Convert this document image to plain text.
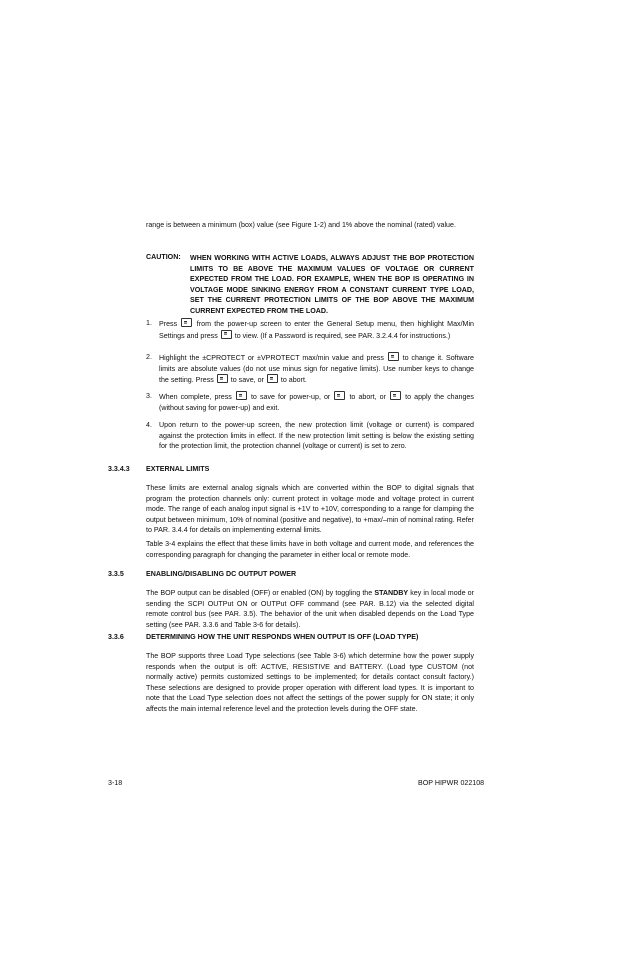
range is between a minimum (box) value (see Figure 1-2) and 1% above the nominal (rated) value.

CAUTION: WHEN WORKING WITH ACTIVE LOADS, ALWAYS ADJUST THE BOP PROTECTION LIMITS TO BE ABOVE THE MAXIMUM VALUES OF VOLTAGE OR CURRENT EXPECTED FROM THE LOAD. FOR EXAMPLE, WHEN THE BOP IS OPERATING IN VOLTAGE MODE SINKING ENERGY FROM A CONSTANT CURRENT TYPE LOAD, SET THE CURRENT PROTECTION LIMITS OF THE BOP ABOVE THE MAXIMUM CURRENT EXPECTED FROM THE LOAD.
1. Press	from the power-up screen to enter the General Setup menu, then highlight Max/Min Settings and press to view. (If a Password is required, see PAR. 3.2.4.4 for instructions.)

2. Highlight the ±CPROTECT or ±VPROTECT max/min value and press	to change it. Software limits are absolute values (do not use minus sign for negative limits). Use number keys to change the setting. Press to save, or to abort.

3. When complete, press	to save for power-up, or	to abort, or	to apply the changes (without saving for power-up) and exit.

4. Upon return to the power-up screen, the new protection limit (voltage or current) is compared against the protection limits in effect. If the new protection limit setting is below the existing setting for the protection limit, the protection channel (voltage or current) is set to zero.

3.3.4.3 EXTERNAL LIMITS

These limits are external analog signals which are converted within the BOP to digital signals that program the protection channels only: current protect in voltage mode and voltage protect in current mode. The range of each analog input signal is +1V to +10V, corresponding to a range for clamping the output between minimum, 10% of nominal (positive and negative), to +max/–min of nominal rating. Refer to PAR. 3.4.4 for details on implementing external limits.

Table 3-4 explains the effect that these limits have in both voltage and current mode, and references the corresponding paragraph for changing the parameter in either local or remote mode.

3.3.5	ENABLING/DISABLING DC OUTPUT POWER

The BOP output can be disabled (OFF) or enabled (ON) by toggling the STANDBY key in local mode or sending the SCPI OUTPut ON or OUTPut OFF command (see PAR. B.12) via the selected digital remote control bus (see PAR. 3.5). The behavior of the unit when disabled depends on the Load Type setting (see PAR. 3.3.6 and Table 3-6 for details).

3.3.6	DETERMINING HOW THE UNIT RESPONDS WHEN OUTPUT IS OFF (LOAD TYPE)

The BOP supports three Load Type selections (see Table 3-6) which determine how the power supply responds when the output is off: ACTIVE, RESISTIVE and BATTERY. (Load type CUSTOM (not normally active) permits customized settings to be implemented; for details contact consult factory.) These selections are designed to provide proper operation with different load types. It is important to note that the Load Type selection does not affect the settings of the power supply for ON state; it only affects the main internal reference level and the protection levels during the OFF state.

3-18	BOP HIPWR 022108
